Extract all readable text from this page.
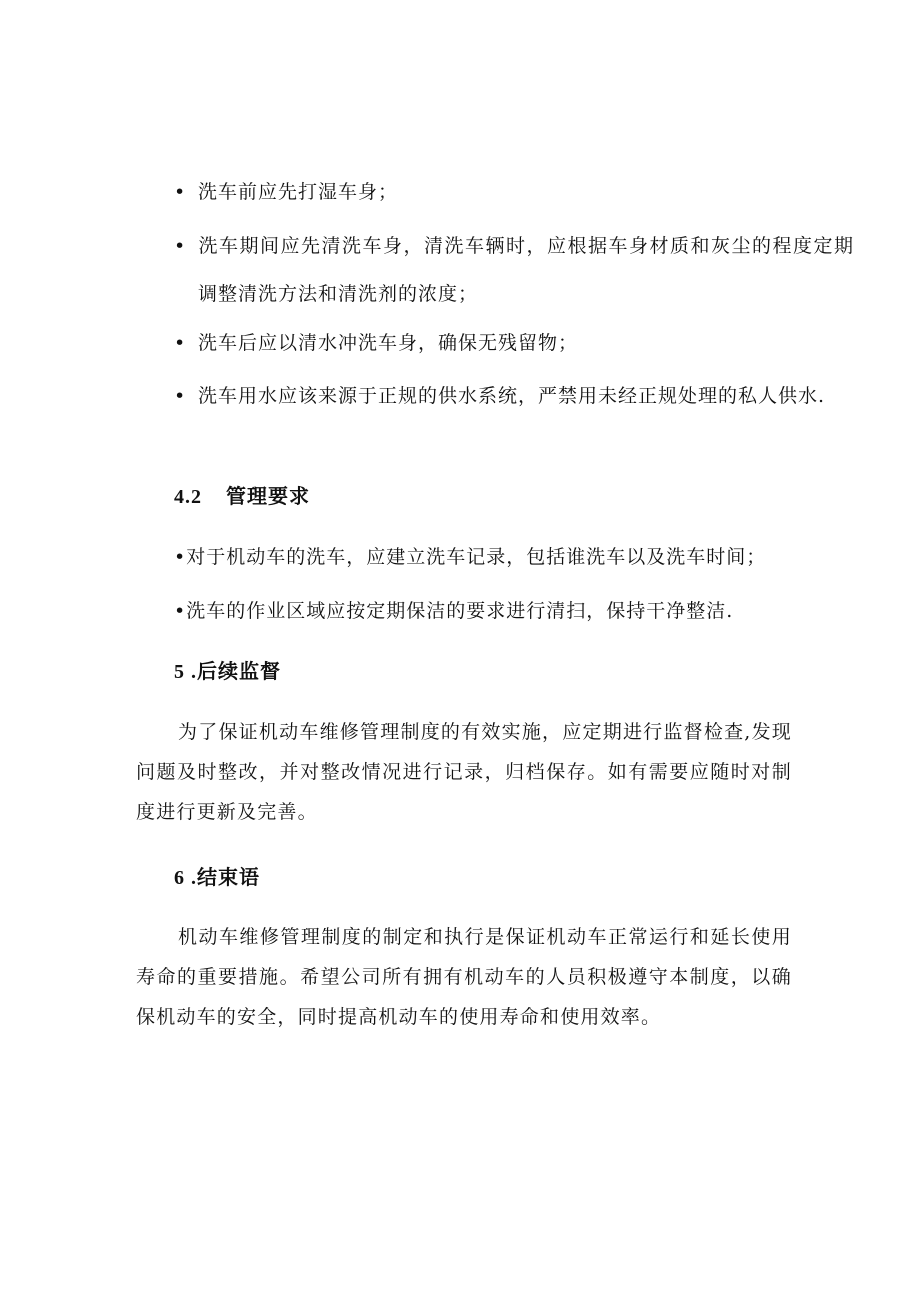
• 洗车前应先打湿车身；

• 洗车期间应先清洗车身，清洗车辆时，应根据车身材质和灰尘的程度定期调整清洗方法和清洗剂的浓度；

• 洗车后应以清水冲洗车身，确保无残留物；

• 洗车用水应该来源于正规的供水系统，严禁用未经正规处理的私人供水.

4.2 管理要求

•对于机动车的洗车，应建立洗车记录，包括谁洗车以及洗车时间；

•洗车的作业区域应按定期保洁的要求进行清扫，保持干净整洁.

5 .后续监督

为了保证机动车维修管理制度的有效实施，应定期进行监督检查,发现问题及时整改，并对整改情况进行记录，归档保存。如有需要应随时对制度进行更新及完善。

6 .结束语

机动车维修管理制度的制定和执行是保证机动车正常运行和延长使用寿命的重要措施。希望公司所有拥有机动车的人员积极遵守本制度，以确保机动车的安全，同时提高机动车的使用寿命和使用效率。
